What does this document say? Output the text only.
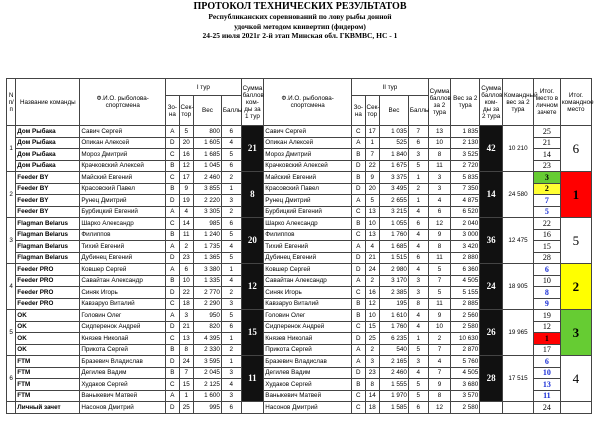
ПРОТОКОЛ ТЕХНИЧЕСКИХ РЕЗУЛЬТАТОВ
Республиканских соревнований по лову рыбы донной
удочкой методом квивертип (фидером)
24-25 июля 2021г 2-й этап Минская обл. ГКВМВС, НС - 1
N п/п	Название команды	Ф.И.О. рыболова-спортсмена	I тур				Сумма баллов ком-ды за 1 тур	Ф.И.О. рыболова-спортсмена	II тур				Сумма баллов за 2 тура	Вес за 2 тура	Сумма баллов ком-ды за 2 тура	Командный вес за 2 тура	Итог. место в личном зачете	Итог. командное место
			Зо-на	Сек-тор	Вес	Баллы			Зо-на	Сек-тор	Вес	Баллы						
1	Дом Рыбака	Савич Сергей	A	5	800	6	21	Савич Сергей	C	17	1 035	7	13	1 835	42	10 210	25	6
	Дом Рыбака	Опикан Алексей	D	20	1 605	4		Опикан Алексей	A	1	525	6	10	2 130			21	
	Дом Рыбака	Мороз Дмитрий	C	16	1 685	5		Мороз Дмитрий	B	7	1 840	3	8	3 525			14	
	Дом Рыбака	Крачковский Алексей	B	12	1 045	6		Крачковский Алексей	D	22	1 675	5	11	2 720			23	
2	Feeder BY	Майский Евгений	C	17	2 460	2	8	Майский Евгений	B	9	3 375	1	3	5 835	14	24 580	3	1
	Feeder BY	Красовский Павел	B	9	3 855	1		Красовский Павел	D	20	3 495	2	3	7 350			2	
	Feeder BY	Рунец Дмитрий	D	19	2 220	3		Рунец Дмитрий	A	5	2 655	1	4	4 875			7	
	Feeder BY	Бурбицкий Евгений	A	4	3 305	2		Бурбицкий Евгений	C	13	3 215	4	6	6 520			5	
3	Flagman Belarus	Шарко Александр	C	14	985	6	20	Шарко Александр	B	10	1 055	6	12	2 040	36	12 475	22	5
	Flagman Belarus	Филиппов	B	11	1 240	5		Филиппов	C	13	1 760	4	9	3 000			16	
	Flagman Belarus	Тихий Евгений	A	2	1 735	4		Тихий Евгений	A	4	1 685	4	8	3 420			15	
	Flagman Belarus	Дубинец Евгений	D	23	1 365	5		Дубинец Евгений	D	21	1 515	6	11	2 880			28	
4	Feeder PRO	Ковшер Сергей	A	6	3 380	1	12	Ковшер Сергей	D	24	2 980	4	5	6 360	24	18 905	6	2
	Feeder PRO	Савайтан Александр	B	10	1 335	4		Савайтан Александр	A	2	3 170	3	7	4 505			10	
	Feeder PRO	Синяк Игорь	D	22	2 770	2		Синяк Игорь	C	16	2 385	3	5	5 155			8	
	Feeder PRO	Кавзаруо Виталий	C	18	2 290	3		Кавзаруо Виталий	B	12	195	8	11	2 885			9	
5	OK	Головин Олег	A	3	950	5	15	Головин Олег	B	10	1 610	4	9	2 560	26	19 965	19	3
	OK	Сидперенок Андрей	D	21	820	6		Сидперенок Андрей	C	15	1 760	4	10	2 580			12	
	OK	Князев Николай	C	13	4 395	1		Князев Николай	D	25	6 235	1	2	10 630			1	
	OK	Прикота Сергей	B	8	2 330	2		Прикота Сергей	A	2	540	5	7	2 870			17	
6	FTM	Бразевич Владислав	D	24	3 595	1	11	Бразевич Владислав	A	3	2 165	3	4	5 760	28	17 515	6	4
	FTM	Дегилев Вадим	B	7	2 045	3		Дегилев Вадим	D	23	2 460	4	7	4 505			10	
	FTM	Худаков Сергей	C	15	2 125	4		Худаков Сергей	B	8	1 555	5	9	3 680			13	
	FTM	Ваныкевич Матвей	A	1	1 600	3		Ваныкевич Матвей	C	14	1 970	5	8	3 570			11	
	Личный зачет	Насонов Дмитрий	D	25	995	6		Насонов Дмитрий	C	18	1 585	6	12	2 580			24	
